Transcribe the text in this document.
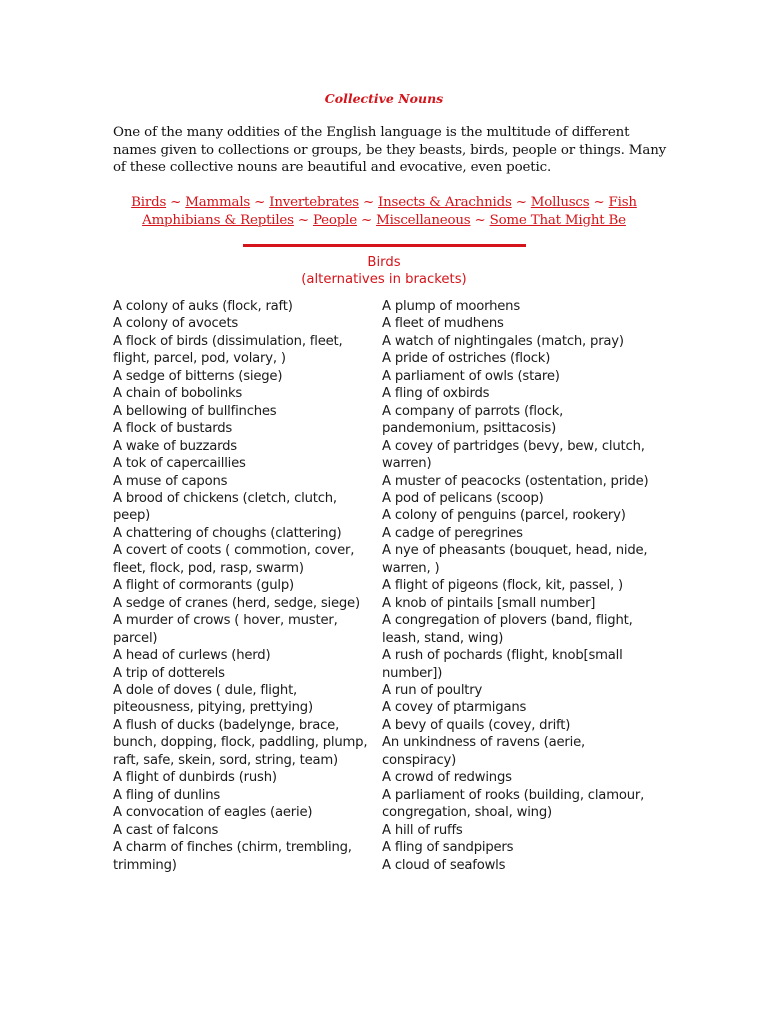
Collective Nouns

One of the many oddities of the English language is the multitude of different names given to collections or groups, be they beasts, birds, people or things. Many of these collective nouns are beautiful and evocative, even poetic.

Birds ~ Mammals ~ Invertebrates ~ Insects & Arachnids ~ Molluscs ~ Fish
Amphibians & Reptiles ~ People ~ Miscellaneous ~ Some That Might Be
Birds
(alternatives in brackets)

A colony of auks (flock, raft)

A colony of avocets

A flock of birds (dissimulation, fleet, flight, parcel, pod, volary, )

A sedge of bitterns (siege)

A chain of bobolinks

A bellowing of bullfinches

A flock of bustards

A wake of buzzards

A tok of capercaillies

A muse of capons

A brood of chickens (cletch, clutch, peep)

A chattering of choughs (clattering)

A covert of coots ( commotion, cover, fleet, flock, pod, rasp, swarm)

A flight of cormorants (gulp)

A sedge of cranes (herd, sedge, siege)

A murder of crows ( hover, muster, parcel)

A head of curlews (herd)

A trip of dotterels

A dole of doves ( dule, flight, piteousness, pitying, prettying)

A flush of ducks (badelynge, brace, bunch, dopping, flock, paddling, plump, raft, safe, skein, sord, string, team)

A flight of dunbirds (rush)

A fling of dunlins

A convocation of eagles (aerie)

A cast of falcons

A charm of finches (chirm, trembling, trimming)

A plump of moorhens

A fleet of mudhens

A watch of nightingales (match, pray)

A pride of ostriches (flock)

A parliament of owls (stare)

A fling of oxbirds

A company of parrots (flock, pandemonium, psittacosis)

A covey of partridges (bevy, bew, clutch, warren)

A muster of peacocks (ostentation, pride)

A pod of pelicans (scoop)

A colony of penguins (parcel, rookery)

A cadge of peregrines

A nye of pheasants (bouquet, head, nide, warren, )

A flight of pigeons (flock, kit, passel, )

A knob of pintails [small number]

A congregation of plovers (band, flight, leash, stand, wing)

A rush of pochards (flight, knob[small number])

A run of poultry

A covey of ptarmigans

A bevy of quails (covey, drift)

An unkindness of ravens (aerie, conspiracy)

A crowd of redwings

A parliament of rooks (building, clamour, congregation, shoal, wing)

A hill of ruffs

A fling of sandpipers

A cloud of seafowls
